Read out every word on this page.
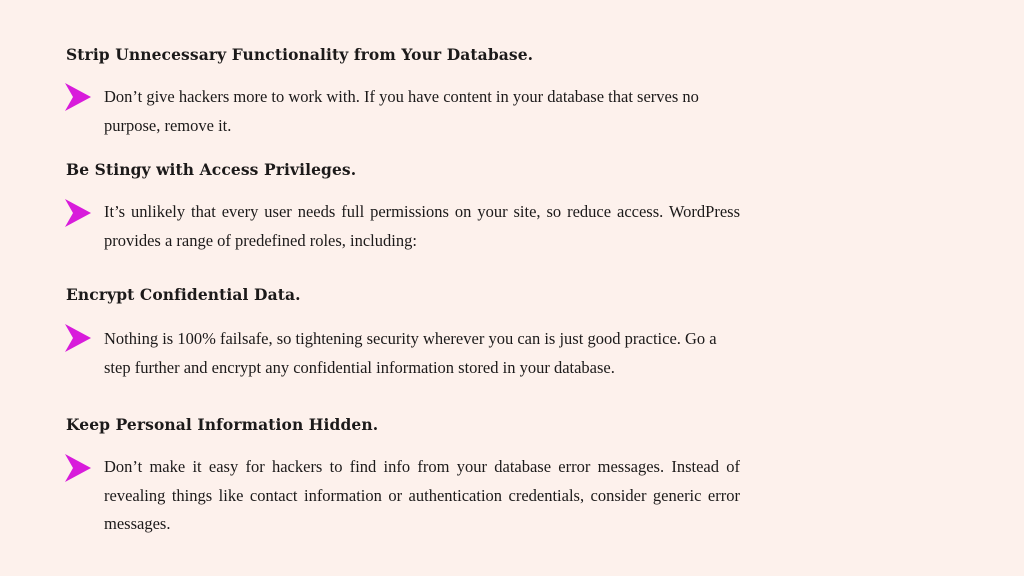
Strip Unnecessary Functionality from Your Database.

Don’t give hackers more to work with. If you have content in your database that serves no purpose, remove it.

Be Stingy with Access Privileges.

It’s unlikely that every user needs full permissions on your site, so reduce access. WordPress provides a range of predefined roles, including:

Encrypt Confidential Data.

Nothing is 100% failsafe, so tightening security wherever you can is just good practice. Go a step further and encrypt any confidential information stored in your database.

Keep Personal Information Hidden.

Don’t make it easy for hackers to find info from your database error messages. Instead of revealing things like contact information or authentication credentials, consider generic error messages.
